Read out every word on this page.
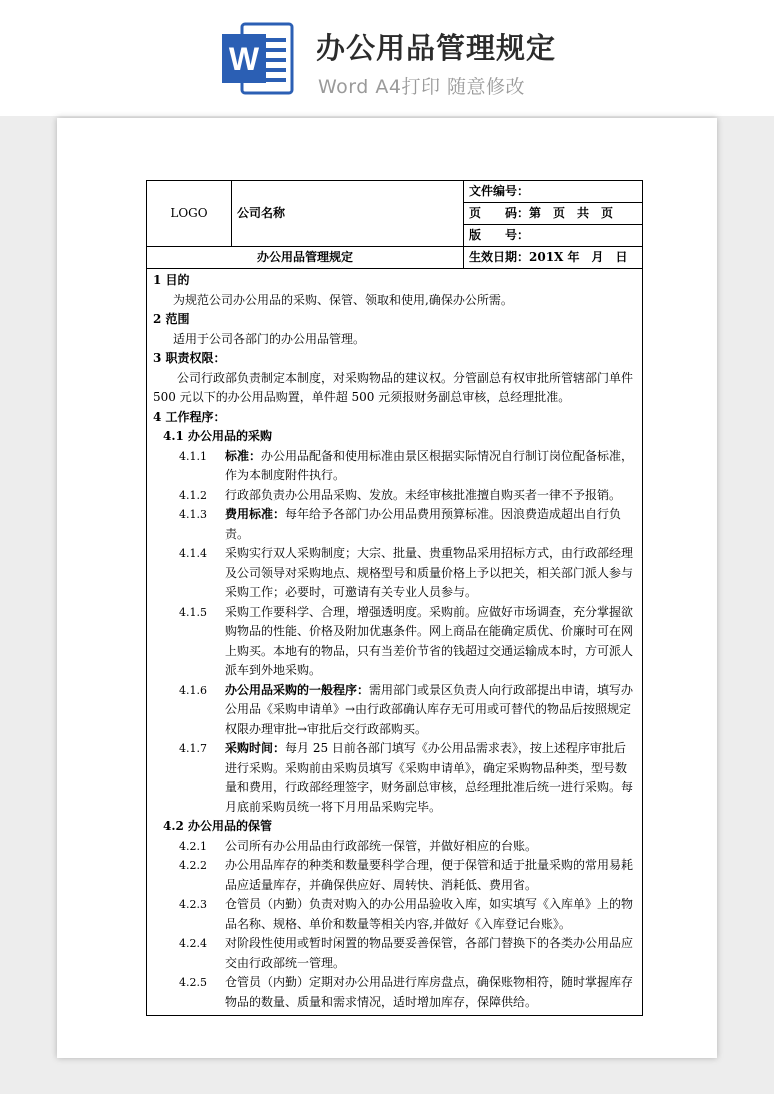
W 办公用品管理规定
Word A4打印 随意修改
LOGO	公司名称	文件编号：
		页　　码：第　页　共　页
		版　　号：
办公用品管理规定		生效日期：201X 年　月　日
1 目的
为规范公司办公用品的采购、保管、领取和使用,确保办公所需。
2 范围
适用于公司各部门的办公用品管理。
3 职责权限：
公司行政部负责制定本制度，对采购物品的建议权。分管副总有权审批所管辖部门单件 500 元以下的办公用品购置，单件超 500 元须报财务副总审核，总经理批准。
4 工作程序：
4.1 办公用品的采购
4.1.1	标准：办公用品配备和使用标准由景区根据实际情况自行制订岗位配备标准，作为本制度附件执行。
4.1.2	行政部负责办公用品采购、发放。未经审核批准擅自购买者一律不予报销。
4.1.3	费用标准：每年给予各部门办公用品费用预算标准。因浪费造成超出自行负责。
4.1.4	采购实行双人采购制度；大宗、批量、贵重物品采用招标方式，由行政部经理及公司领导对采购地点、规格型号和质量价格上予以把关，相关部门派人参与采购工作；必要时，可邀请有关专业人员参与。
4.1.5	采购工作要科学、合理，增强透明度。采购前。应做好市场调查，充分掌握欲购物品的性能、价格及附加优惠条件。网上商品在能确定质优、价廉时可在网上购买。本地有的物品，只有当差价节省的钱超过交通运输成本时，方可派人派车到外地采购。
4.1.6	办公用品采购的一般程序：需用部门或景区负责人向行政部提出申请，填写办公用品《采购申请单》→由行政部确认库存无可用或可替代的物品后按照规定权限办理审批→审批后交行政部购买。
4.1.7	采购时间：每月 25 日前各部门填写《办公用品需求表》，按上述程序审批后进行采购。采购前由采购员填写《采购申请单》，确定采购物品种类，型号数量和费用，行政部经理签字，财务副总审核，总经理批准后统一进行采购。每月底前采购员统一将下月用品采购完毕。
4.2 办公用品的保管
4.2.1	公司所有办公用品由行政部统一保管，并做好相应的台账。
4.2.2	办公用品库存的种类和数量要科学合理，便于保管和适于批量采购的常用易耗品应适量库存，并确保供应好、周转快、消耗低、费用省。
4.2.3	仓管员（内勤）负责对购入的办公用品验收入库，如实填写《入库单》上的物品名称、规格、单价和数量等相关内容,并做好《入库登记台账》。
4.2.4	对阶段性使用或暂时闲置的物品要妥善保管，各部门替换下的各类办公用品应交由行政部统一管理。
4.2.5	仓管员（内勤）定期对办公用品进行库房盘点，确保账物相符，随时掌握库存物品的数量、质量和需求情况，适时增加库存，保障供给。
